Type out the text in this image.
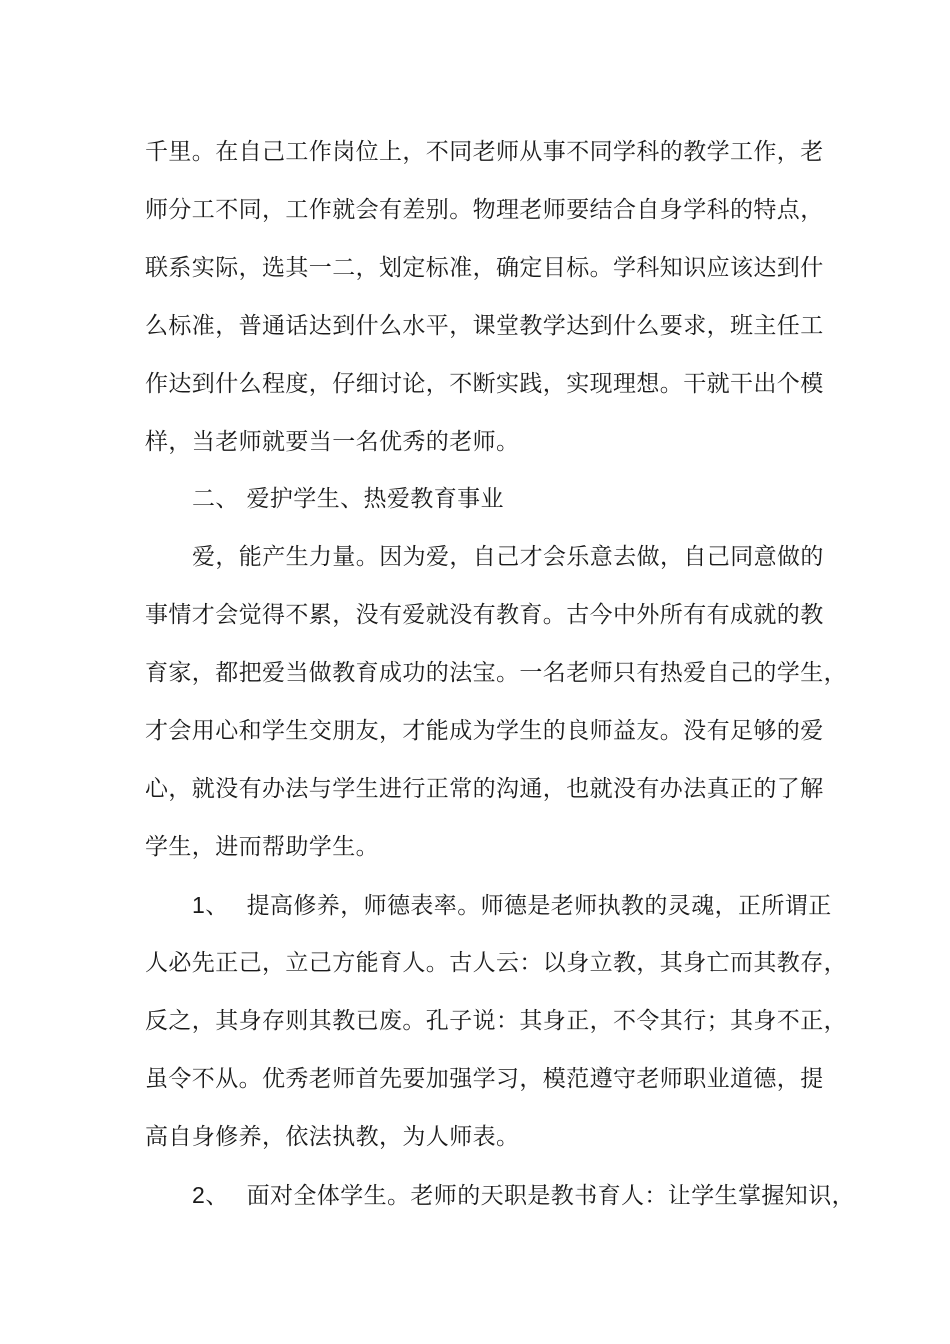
千里。在自己工作岗位上，不同老师从事不同学科的教学工作，老
师分工不同，工作就会有差别。物理老师要结合自身学科的特点，
联系实际，选其一二，划定标准，确定目标。学科知识应该达到什
么标准，普通话达到什么水平，课堂教学达到什么要求，班主任工
作达到什么程度，仔细讨论，不断实践，实现理想。干就干出个模
样，当老师就要当一名优秀的老师。
二、 爱护学生、热爱教育事业
爱，能产生力量。因为爱，自己才会乐意去做，自己同意做的
事情才会觉得不累，没有爱就没有教育。古今中外所有有成就的教
育家，都把爱当做教育成功的法宝。一名老师只有热爱自己的学生，
才会用心和学生交朋友，才能成为学生的良师益友。没有足够的爱
心，就没有办法与学生进行正常的沟通，也就没有办法真正的了解
学生，进而帮助学生。
1、 提高修养，师德表率。师德是老师执教的灵魂，正所谓正
人必先正己，立己方能育人。古人云：以身立教，其身亡而其教存，
反之，其身存则其教已废。孔子说：其身正，不令其行；其身不正，
虽令不从。优秀老师首先要加强学习，模范遵守老师职业道德，提
高自身修养，依法执教，为人师表。
2、 面对全体学生。老师的天职是教书育人：让学生掌握知识，
